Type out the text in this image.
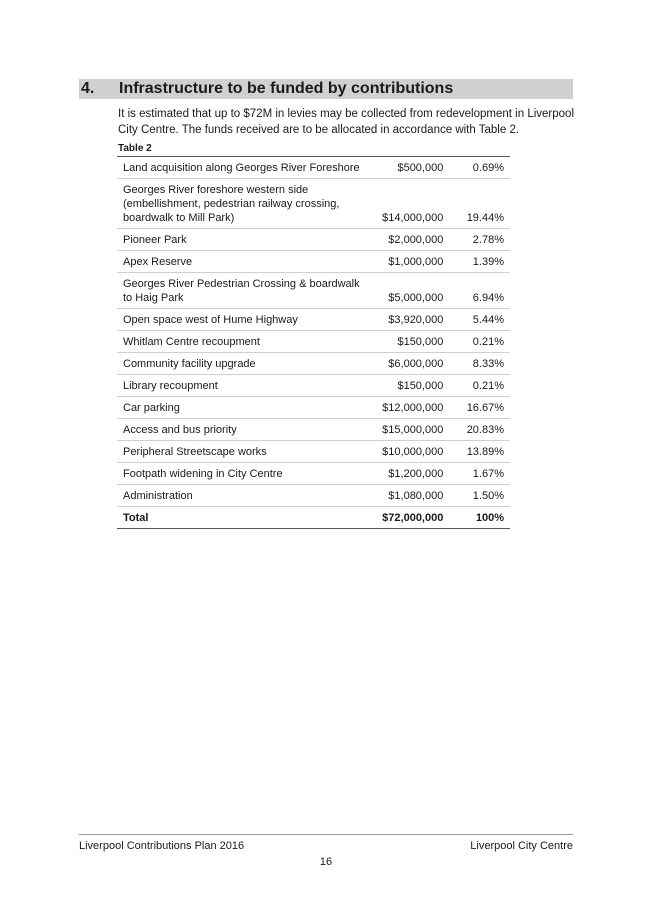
4. Infrastructure to be funded by contributions

It is estimated that up to $72M in levies may be collected from redevelopment in Liverpool City Centre. The funds received are to be allocated in accordance with Table 2.

Table 2
Land acquisition along Georges River Foreshore	$500,000	0.69%
Georges River foreshore western side (embellishment, pedestrian railway crossing, boardwalk to Mill Park)	$14,000,000	19.44%
Pioneer Park	$2,000,000	2.78%
Apex Reserve	$1,000,000	1.39%
Georges River Pedestrian Crossing & boardwalk to Haig Park	$5,000,000	6.94%
Open space west of Hume Highway	$3,920,000	5.44%
Whitlam Centre recoupment	$150,000	0.21%
Community facility upgrade	$6,000,000	8.33%
Library recoupment	$150,000	0.21%
Car parking	$12,000,000	16.67%
Access and bus priority	$15,000,000	20.83%
Peripheral Streetscape works	$10,000,000	13.89%
Footpath widening in City Centre	$1,200,000	1.67%
Administration	$1,080,000	1.50%
Total	$72,000,000	100%
Liverpool Contributions Plan 2016	Liverpool City Centre
16
